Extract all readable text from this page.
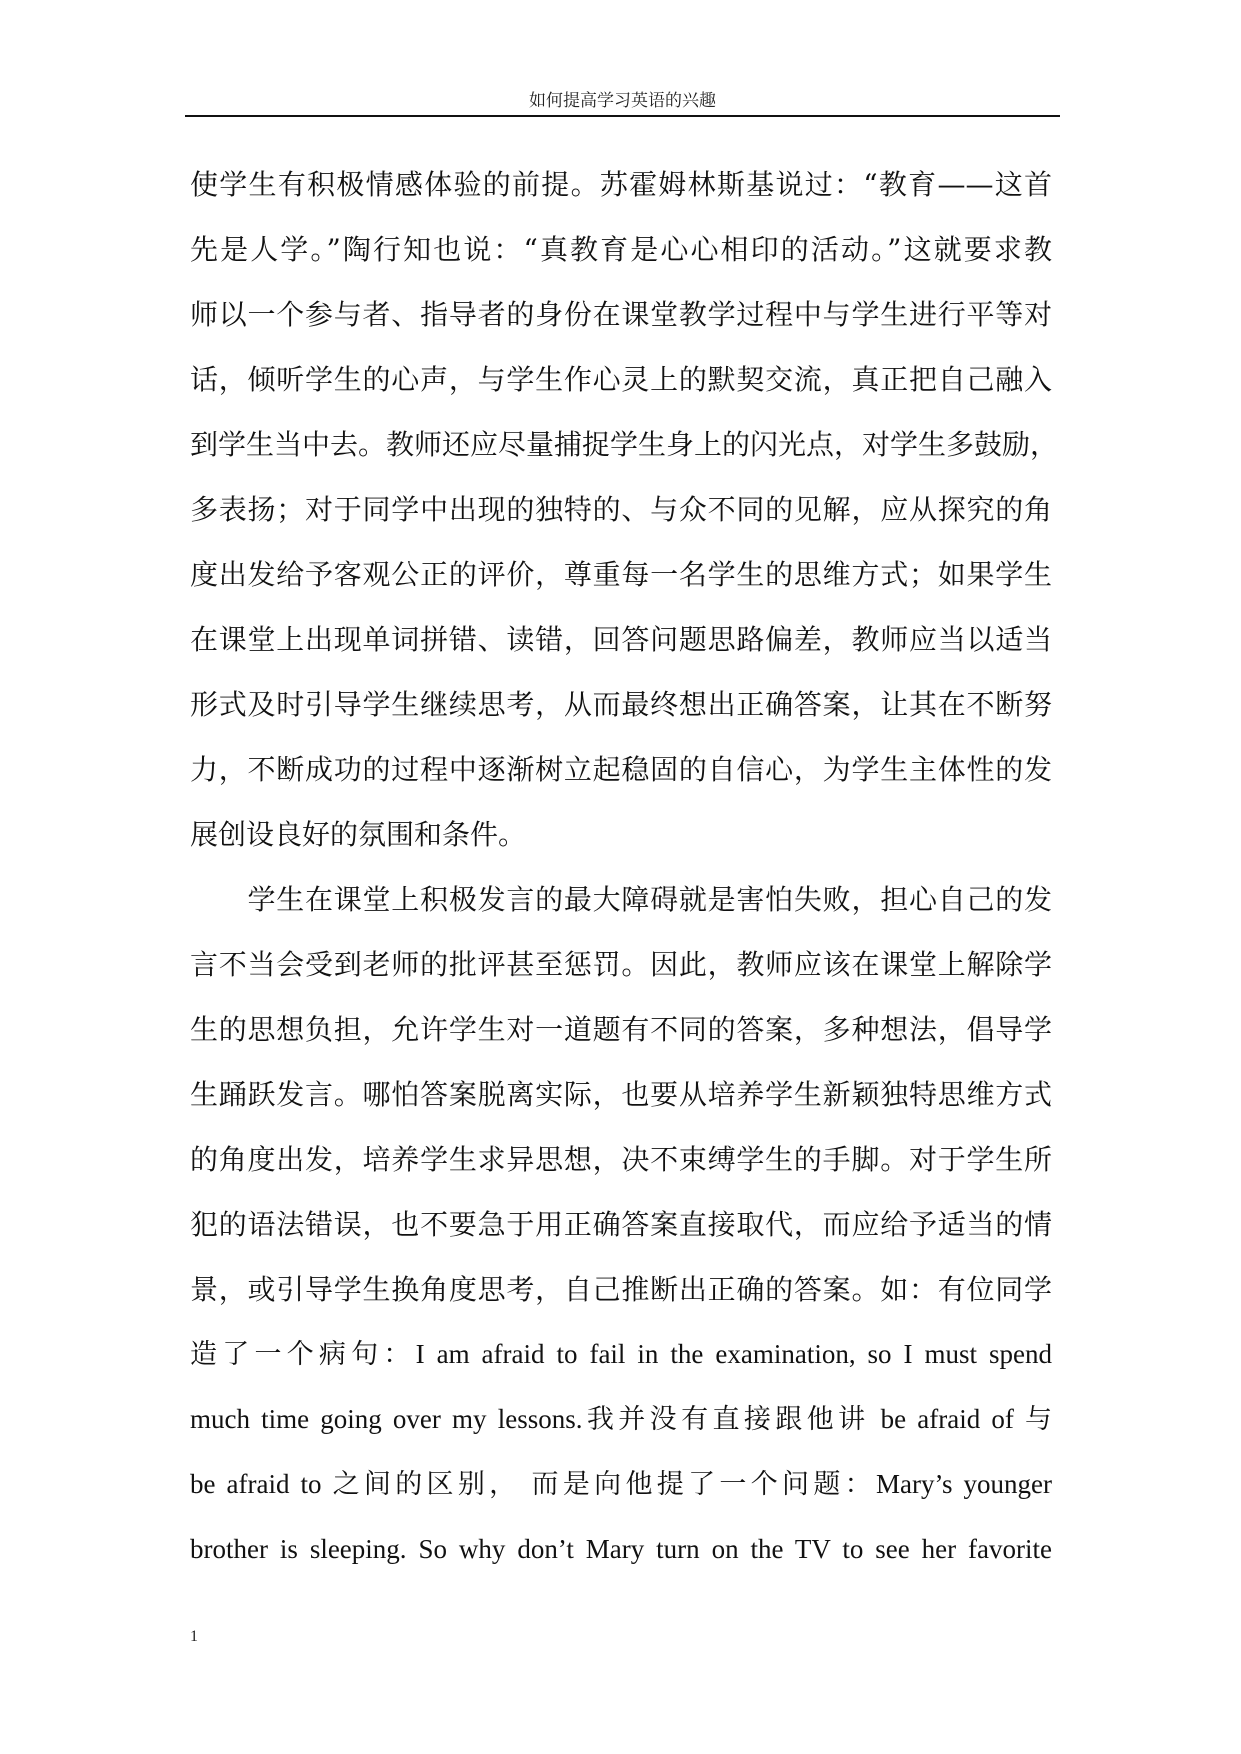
如何提高学习英语的兴趣
使学生有积极情感体验的前提。苏霍姆林斯基说过：“教育——这首
先是人学。”陶行知也说：“真教育是心心相印的活动。”这就要求教
师以一个参与者、指导者的身份在课堂教学过程中与学生进行平等对
话，倾听学生的心声，与学生作心灵上的默契交流，真正把自己融入
到学生当中去。教师还应尽量捕捉学生身上的闪光点，对学生多鼓励，
多表扬；对于同学中出现的独特的、与众不同的见解，应从探究的角
度出发给予客观公正的评价，尊重每一名学生的思维方式；如果学生
在课堂上出现单词拼错、读错，回答问题思路偏差，教师应当以适当
形式及时引导学生继续思考，从而最终想出正确答案，让其在不断努
力，不断成功的过程中逐渐树立起稳固的自信心，为学生主体性的发
展创设良好的氛围和条件。
　　学生在课堂上积极发言的最大障碍就是害怕失败，担心自己的发
言不当会受到老师的批评甚至惩罚。因此，教师应该在课堂上解除学
生的思想负担，允许学生对一道题有不同的答案，多种想法，倡导学
生踊跃发言。哪怕答案脱离实际，也要从培养学生新颖独特思维方式
的角度出发，培养学生求异思想，决不束缚学生的手脚。对于学生所
犯的语法错误，也不要急于用正确答案直接取代，而应给予适当的情
景，或引导学生换角度思考，自己推断出正确的答案。如：有位同学
造了一个病句：I am afraid to fail in the examination, so I must spend
much time going over my lessons.我并没有直接跟他讲 be afraid of 与
be afraid to 之间的区别， 而是向他提了一个问题：Mary’s younger
brother is sleeping. So why don’t Mary turn on the TV to see her favorite
1
